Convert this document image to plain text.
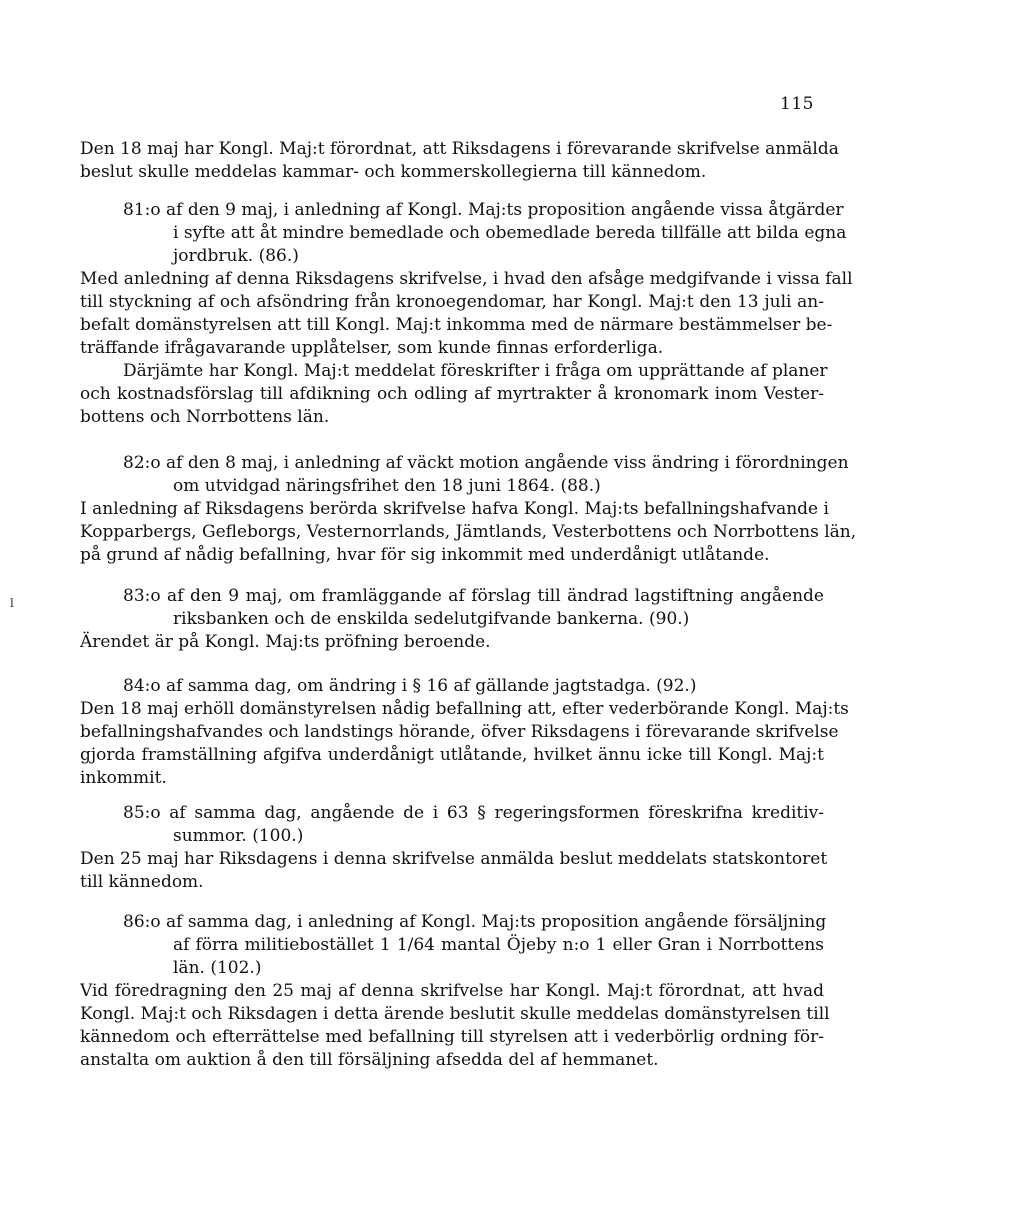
115
l
Den 18 maj har Kongl. Maj:t förordnat, att Riksdagens i förevarande skrifvelse anmälda
beslut skulle meddelas kammar- och kommerskollegierna till kännedom.
81:o af den 9 maj, i anledning af Kongl. Maj:ts proposition angående vissa åtgärder
i syfte att åt mindre bemedlade och obemedlade bereda tillfälle att bilda egna
jordbruk. (86.)
Med anledning af denna Riksdagens skrifvelse, i hvad den afsåge medgifvande i vissa fall
till styckning af och afsöndring från kronoegendomar, har Kongl. Maj:t den 13 juli an-
befalt domänstyrelsen att till Kongl. Maj:t inkomma med de närmare bestämmelser be-
träffande ifrågavarande upplåtelser, som kunde finnas erforderliga.
Därjämte har Kongl. Maj:t meddelat föreskrifter i fråga om upprättande af planer
och kostnadsförslag till afdikning och odling af myrtrakter å kronomark inom Vester-
bottens och Norrbottens län.
82:o af den 8 maj, i anledning af väckt motion angående viss ändring i förordningen
om utvidgad näringsfrihet den 18 juni 1864. (88.)
I anledning af Riksdagens berörda skrifvelse hafva Kongl. Maj:ts befallningshafvande i
Kopparbergs, Gefleborgs, Vesternorrlands, Jämtlands, Vesterbottens och Norrbottens län,
på grund af nådig befallning, hvar för sig inkommit med underdånigt utlåtande.
83:o af den 9 maj, om framläggande af förslag till ändrad lagstiftning angående
riksbanken och de enskilda sedelutgifvande bankerna. (90.)
Ärendet är på Kongl. Maj:ts pröfning beroende.
84:o af samma dag, om ändring i § 16 af gällande jagtstadga. (92.)
Den 18 maj erhöll domänstyrelsen nådig befallning att, efter vederbörande Kongl. Maj:ts
befallningshafvandes och landstings hörande, öfver Riksdagens i förevarande skrifvelse
gjorda framställning afgifva underdånigt utlåtande, hvilket ännu icke till Kongl. Maj:t
inkommit.
85:o af samma dag, angående de i 63 § regeringsformen föreskrifna kreditiv-
summor. (100.)
Den 25 maj har Riksdagens i denna skrifvelse anmälda beslut meddelats statskontoret
till kännedom.
86:o af samma dag, i anledning af Kongl. Maj:ts proposition angående försäljning
af förra militiebostället 1 1/64 mantal Öjeby n:o 1 eller Gran i Norrbottens
län. (102.)
Vid föredragning den 25 maj af denna skrifvelse har Kongl. Maj:t förordnat, att hvad
Kongl. Maj:t och Riksdagen i detta ärende beslutit skulle meddelas domänstyrelsen till
kännedom och efterrättelse med befallning till styrelsen att i vederbörlig ordning för-
anstalta om auktion å den till försäljning afsedda del af hemmanet.
